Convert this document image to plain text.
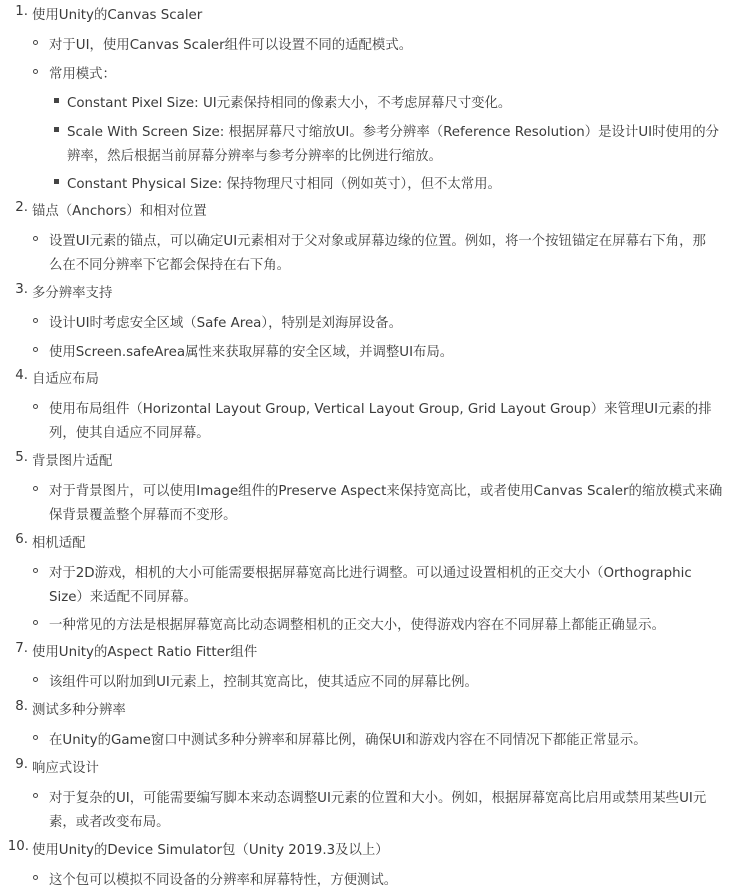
1. 使用Unity的Canvas Scaler
对于UI，使用Canvas Scaler组件可以设置不同的适配模式。
常用模式：
Constant Pixel Size: UI元素保持相同的像素大小，不考虑屏幕尺寸变化。
Scale With Screen Size: 根据屏幕尺寸缩放UI。参考分辨率（Reference Resolution）是设计UI时使用的分
辨率，然后根据当前屏幕分辨率与参考分辨率的比例进行缩放。
Constant Physical Size: 保持物理尺寸相同（例如英寸），但不太常用。
2. 锚点（Anchors）和相对位置
设置UI元素的锚点，可以确定UI元素相对于父对象或屏幕边缘的位置。例如，将一个按钮锚定在屏幕右下角，那
么在不同分辨率下它都会保持在右下角。
3. 多分辨率支持
设计UI时考虑安全区域（Safe Area），特别是刘海屏设备。
使用Screen.safeArea属性来获取屏幕的安全区域，并调整UI布局。
4. 自适应布局
使用布局组件（Horizontal Layout Group, Vertical Layout Group, Grid Layout Group）来管理UI元素的排
列，使其自适应不同屏幕。
5. 背景图片适配
对于背景图片，可以使用Image组件的Preserve Aspect来保持宽高比，或者使用Canvas Scaler的缩放模式来确
保背景覆盖整个屏幕而不变形。
6. 相机适配
对于2D游戏，相机的大小可能需要根据屏幕宽高比进行调整。可以通过设置相机的正交大小（Orthographic
Size）来适配不同屏幕。
一种常见的方法是根据屏幕宽高比动态调整相机的正交大小，使得游戏内容在不同屏幕上都能正确显示。
7. 使用Unity的Aspect Ratio Fitter组件
该组件可以附加到UI元素上，控制其宽高比，使其适应不同的屏幕比例。
8. 测试多种分辨率
在Unity的Game窗口中测试多种分辨率和屏幕比例，确保UI和游戏内容在不同情况下都能正常显示。
9. 响应式设计
对于复杂的UI，可能需要编写脚本来动态调整UI元素的位置和大小。例如，根据屏幕宽高比启用或禁用某些UI元
素，或者改变布局。
10. 使用Unity的Device Simulator包（Unity 2019.3及以上）
这个包可以模拟不同设备的分辨率和屏幕特性，方便测试。
